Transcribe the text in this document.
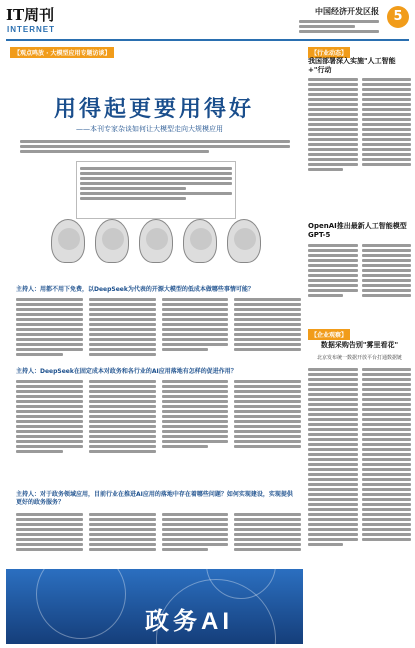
IT周刊
INTERNET
中国经济开发区报	5
【观点鸣放 · 大模型应用专题访谈】
用得起更要用得好
——本刊专家杂谈如何让大模型走向大规模应用
主持人：用都不用下免费，以DeepSeek为代表的开源大模型的低成本做哪些事情可能？
主持人：DeepSeek在固定成本对政务和各行业的AI应用落地有怎样的促进作用？
主持人：对于政务领域应用，目前行业在推进AI应用的落地中存在着哪些问题？如何实现建设，实现提供更好的政务服务？
政务AI
【行业动态】
我国部署深入实施"人工智能+"行动
OpenAI推出最新人工智能模型GPT-5
【企业观察】
数据采购告别"雾里看花"
北京发布统一数据开放平台打通数据链
